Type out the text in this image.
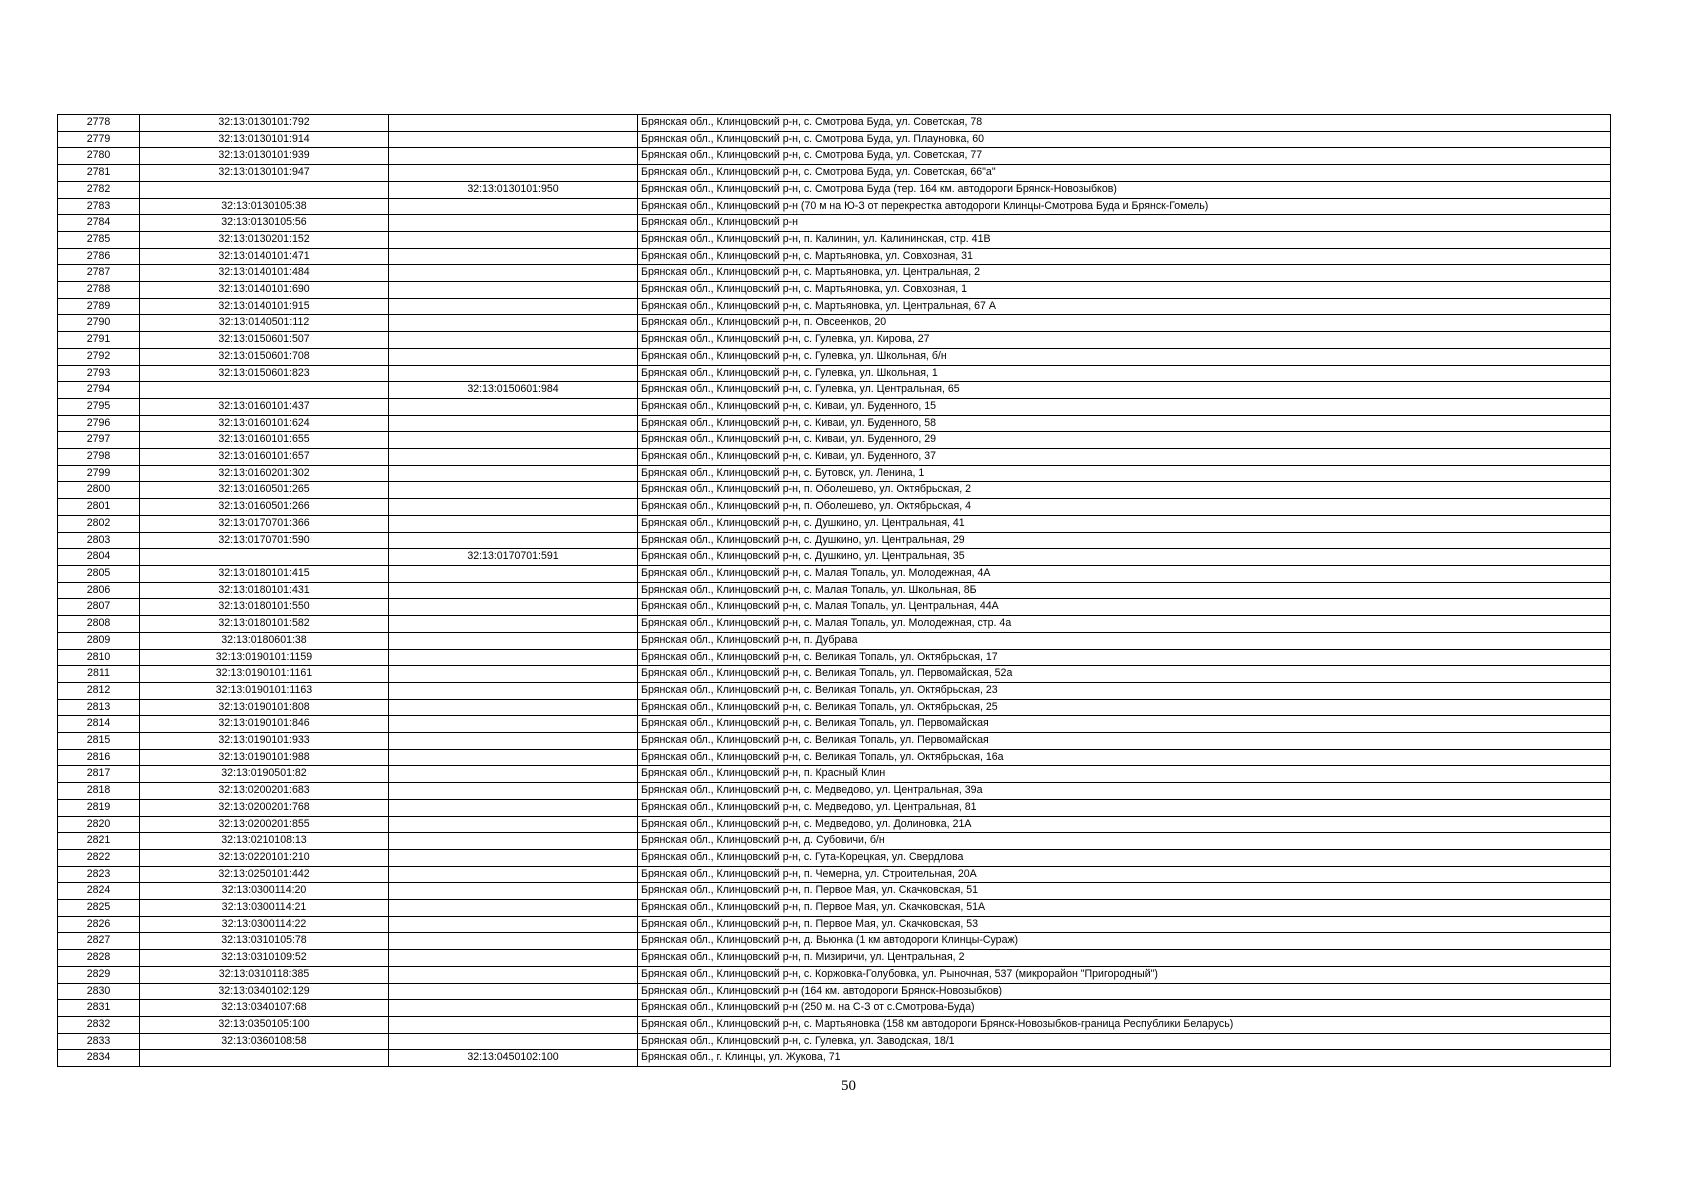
2778	32:13:0130101:792		Брянская обл., Клинцовский р-н, с. Смотрова Буда, ул. Советская, 78
2779	32:13:0130101:914		Брянская обл., Клинцовский р-н, с. Смотрова Буда, ул. Плауновка, 60
2780	32:13:0130101:939		Брянская обл., Клинцовский р-н, с. Смотрова Буда, ул. Советская, 77
2781	32:13:0130101:947		Брянская обл., Клинцовский р-н, с. Смотрова Буда, ул. Советская, 66"а"
2782		32:13:0130101:950	Брянская обл., Клинцовский р-н, с. Смотрова Буда (тер. 164 км. автодороги Брянск-Новозыбков)
2783	32:13:0130105:38		Брянская обл., Клинцовский р-н (70 м на Ю-З от перекрестка автодороги Клинцы-Смотрова Буда и Брянск-Гомель)
2784	32:13:0130105:56		Брянская обл., Клинцовский р-н
2785	32:13:0130201:152		Брянская обл., Клинцовский р-н, п. Калинин, ул. Калининская, стр. 41В
2786	32:13:0140101:471		Брянская обл., Клинцовский р-н, с. Мартьяновка, ул. Совхозная, 31
2787	32:13:0140101:484		Брянская обл., Клинцовский р-н, с. Мартьяновка, ул. Центральная, 2
2788	32:13:0140101:690		Брянская обл., Клинцовский р-н, с. Мартьяновка, ул. Совхозная, 1
2789	32:13:0140101:915		Брянская обл., Клинцовский р-н, с. Мартьяновка, ул. Центральная, 67 А
2790	32:13:0140501:112		Брянская обл., Клинцовский р-н, п. Овсеенков, 20
2791	32:13:0150601:507		Брянская обл., Клинцовский р-н, с. Гулевка, ул. Кирова, 27
2792	32:13:0150601:708		Брянская обл., Клинцовский р-н, с. Гулевка, ул. Школьная, б/н
2793	32:13:0150601:823		Брянская обл., Клинцовский р-н, с. Гулевка, ул. Школьная, 1
2794		32:13:0150601:984	Брянская обл., Клинцовский р-н, с. Гулевка, ул. Центральная, 65
2795	32:13:0160101:437		Брянская обл., Клинцовский р-н, с. Киваи, ул. Буденного, 15
2796	32:13:0160101:624		Брянская обл., Клинцовский р-н, с. Киваи, ул. Буденного, 58
2797	32:13:0160101:655		Брянская обл., Клинцовский р-н, с. Киваи, ул. Буденного, 29
2798	32:13:0160101:657		Брянская обл., Клинцовский р-н, с. Киваи, ул. Буденного, 37
2799	32:13:0160201:302		Брянская обл., Клинцовский р-н, с. Бутовск, ул. Ленина, 1
2800	32:13:0160501:265		Брянская обл., Клинцовский р-н, п. Оболешево, ул. Октябрьская, 2
2801	32:13:0160501:266		Брянская обл., Клинцовский р-н, п. Оболешево, ул. Октябрьская, 4
2802	32:13:0170701:366		Брянская обл., Клинцовский р-н, с. Душкино, ул. Центральная, 41
2803	32:13:0170701:590		Брянская обл., Клинцовский р-н, с. Душкино, ул. Центральная, 29
2804		32:13:0170701:591	Брянская обл., Клинцовский р-н, с. Душкино, ул. Центральная, 35
2805	32:13:0180101:415		Брянская обл., Клинцовский р-н, с. Малая Топаль, ул. Молодежная, 4А
2806	32:13:0180101:431		Брянская обл., Клинцовский р-н, с. Малая Топаль, ул. Школьная, 8Б
2807	32:13:0180101:550		Брянская обл., Клинцовский р-н, с. Малая Топаль, ул. Центральная, 44А
2808	32:13:0180101:582		Брянская обл., Клинцовский р-н, с. Малая Топаль, ул. Молодежная, стр. 4а
2809	32:13:0180601:38		Брянская обл., Клинцовский р-н, п. Дубрава
2810	32:13:0190101:1159		Брянская обл., Клинцовский р-н, с. Великая Топаль, ул. Октябрьская, 17
2811	32:13:0190101:1161		Брянская обл., Клинцовский р-н, с. Великая Топаль, ул. Первомайская, 52а
2812	32:13:0190101:1163		Брянская обл., Клинцовский р-н, с. Великая Топаль, ул. Октябрьская, 23
2813	32:13:0190101:808		Брянская обл., Клинцовский р-н, с. Великая Топаль, ул. Октябрьская, 25
2814	32:13:0190101:846		Брянская обл., Клинцовский р-н, с. Великая Топаль, ул. Первомайская
2815	32:13:0190101:933		Брянская обл., Клинцовский р-н, с. Великая Топаль, ул. Первомайская
2816	32:13:0190101:988		Брянская обл., Клинцовский р-н, с. Великая Топаль, ул. Октябрьская, 16а
2817	32:13:0190501:82		Брянская обл., Клинцовский р-н, п. Красный Клин
2818	32:13:0200201:683		Брянская обл., Клинцовский р-н, с. Медведово, ул. Центральная, 39а
2819	32:13:0200201:768		Брянская обл., Клинцовский р-н, с. Медведово, ул. Центральная, 81
2820	32:13:0200201:855		Брянская обл., Клинцовский р-н, с. Медведово, ул. Долиновка, 21А
2821	32:13:0210108:13		Брянская обл., Клинцовский р-н, д. Субовичи, б/н
2822	32:13:0220101:210		Брянская обл., Клинцовский р-н, с. Гута-Корецкая, ул. Свердлова
2823	32:13:0250101:442		Брянская обл., Клинцовский р-н, п. Чемерна, ул. Строительная, 20А
2824	32:13:0300114:20		Брянская обл., Клинцовский р-н, п. Первое Мая, ул. Скачковская, 51
2825	32:13:0300114:21		Брянская обл., Клинцовский р-н, п. Первое Мая, ул. Скачковская, 51А
2826	32:13:0300114:22		Брянская обл., Клинцовский р-н, п. Первое Мая, ул. Скачковская, 53
2827	32:13:0310105:78		Брянская обл., Клинцовский р-н, д. Вьюнка (1 км автодороги Клинцы-Сураж)
2828	32:13:0310109:52		Брянская обл., Клинцовский р-н, п. Мизиричи, ул. Центральная, 2
2829	32:13:0310118:385		Брянская обл., Клинцовский р-н, с. Коржовка-Голубовка, ул. Рыночная, 537 (микрорайон "Пригородный")
2830	32:13:0340102:129		Брянская обл., Клинцовский р-н (164 км. автодороги Брянск-Новозыбков)
2831	32:13:0340107:68		Брянская обл., Клинцовский р-н (250 м. на С-З от с.Смотрова-Буда)
2832	32:13:0350105:100		Брянская обл., Клинцовский р-н, с. Мартьяновка (158 км автодороги Брянск-Новозыбков-граница Республики Беларусь)
2833	32:13:0360108:58		Брянская обл., Клинцовский р-н, с. Гулевка, ул. Заводская, 18/1
2834		32:13:0450102:100	Брянская обл., г. Клинцы, ул. Жукова, 71
50
